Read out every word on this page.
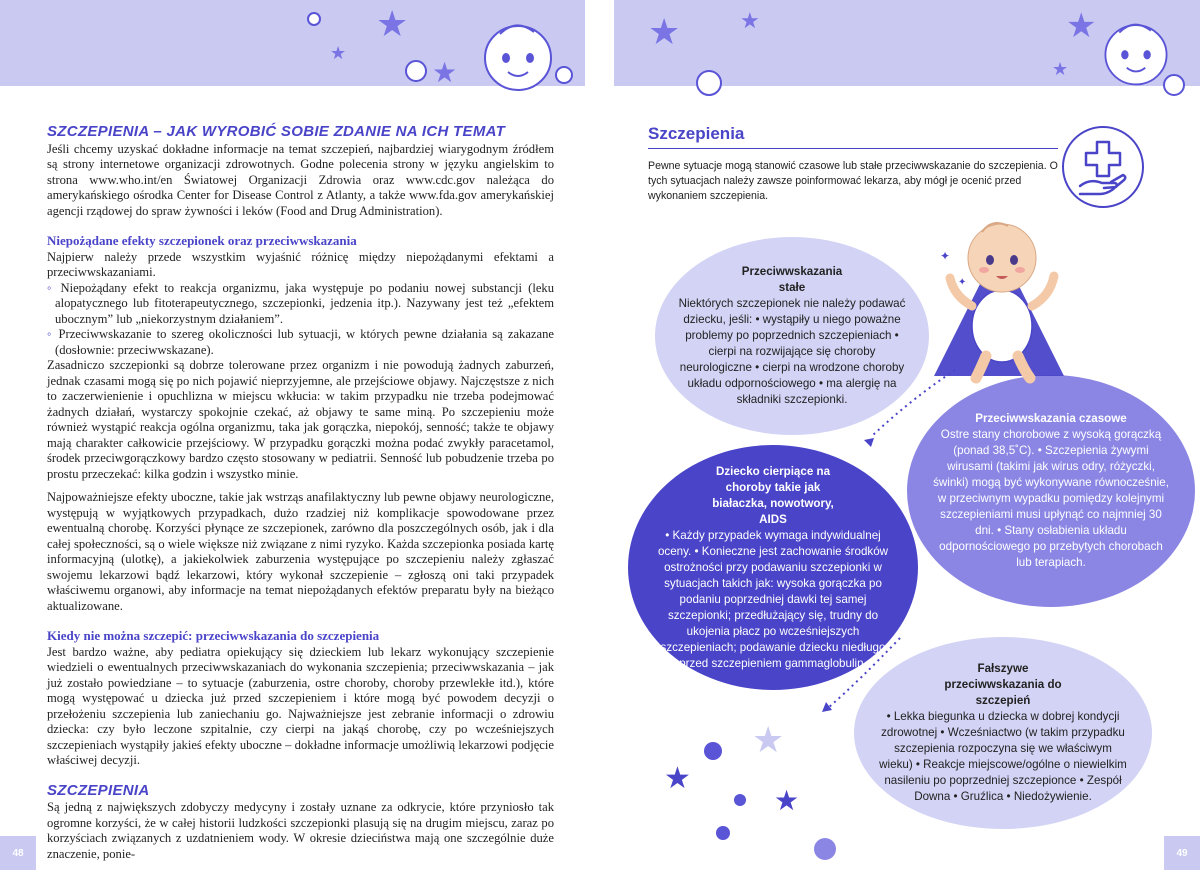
★
★
★
★	★	★
★
SZCZEPIENIA – JAK WYROBIĆ SOBIE ZDANIE NA ICH TEMAT

Jeśli chcemy uzyskać dokładne informacje na temat szczepień, najbardziej wiarygodnym źródłem są strony internetowe organizacji zdrowotnych. Godne polecenia strony w języku angielskim to strona www.who.int/en Światowej Organizacji Zdrowia oraz www.cdc.gov należąca do amerykańskiego ośrodka Center for Disease Control z Atlanty, a także www.fda.gov amerykańskiej agencji rządowej do spraw żywności i leków (Food and Drug Administration).

Niepożądane efekty szczepionek oraz przeciwwskazania

Najpierw należy przede wszystkim wyjaśnić różnicę między niepożądanymi efektami a przeciwwskazaniami.

◦ Niepożądany efekt to reakcja organizmu, jaka występuje po podaniu nowej substancji (leku alopatycznego lub fitoterapeutycznego, szczepionki, jedzenia itp.). Nazywany jest też „efektem ubocznym” lub „niekorzystnym działaniem”.

◦ Przeciwwskazanie to szereg okoliczności lub sytuacji, w których pewne działania są zakazane (dosłownie: przeciwwskazane).

Zasadniczo szczepionki są dobrze tolerowane przez organizm i nie powodują żadnych zaburzeń, jednak czasami mogą się po nich pojawić nieprzyjemne, ale przejściowe objawy. Najczęstsze z nich to zaczerwienienie i opuchlizna w miejscu wkłucia: w takim przypadku nie trzeba podejmować żadnych działań, wystarczy spokojnie czekać, aż objawy te same miną. Po szczepieniu może również wystąpić reakcja ogólna organizmu, taka jak gorączka, niepokój, senność; także te objawy mają charakter całkowicie przejściowy. W przypadku gorączki można podać zwykły paracetamol, środek przeciwgorączkowy bardzo często stosowany w pediatrii. Senność lub pobudzenie trzeba po prostu przeczekać: kilka godzin i wszystko minie.

Najpoważniejsze efekty uboczne, takie jak wstrząs anafilaktyczny lub pewne objawy neurologiczne, występują w wyjątkowych przypadkach, dużo rzadziej niż komplikacje spowodowane przez ewentualną chorobę. Korzyści płynące ze szczepionek, zarówno dla poszczególnych osób, jak i dla całej społeczności, są o wiele większe niż związane z nimi ryzyko. Każda szczepionka posiada kartę informacyjną (ulotkę), a jakiekolwiek zaburzenia występujące po szczepieniu należy zgłaszać swojemu lekarzowi bądź lekarzowi, który wykonał szczepienie – zgłoszą oni taki przypadek właściwemu organowi, aby informacje na temat niepożądanych efektów preparatu były na bieżąco aktualizowane.

Kiedy nie można szczepić: przeciwwskazania do szczepienia

Jest bardzo ważne, aby pediatra opiekujący się dzieckiem lub lekarz wykonujący szczepienie wiedzieli o ewentualnych przeciwwskazaniach do wykonania szczepienia; przeciwwskazania – jak już zostało powiedziane – to sytuacje (zaburzenia, ostre choroby, choroby przewlekłe itd.), które mogą występować u dziecka już przed szczepieniem i które mogą być powodem decyzji o przełożeniu szczepienia lub zaniechaniu go. Najważniejsze jest zebranie informacji o zdrowiu dziecka: czy było leczone szpitalnie, czy cierpi na jakąś chorobę, czy po wcześniejszych szczepieniach wystąpiły jakieś efekty uboczne – dokładne informacje umożliwią lekarzowi podjęcie właściwej decyzji.

SZCZEPIENIA

Są jedną z największych zdobyczy medycyny i zostały uznane za odkrycie, które przyniosło tak ogromne korzyści, że w całej historii ludzkości szczepionki plasują się na drugim miejscu, zaraz po korzyściach związanych z uzdatnieniem wody. W okresie dzieciństwa mają one szczególnie duże znaczenie, ponie-

48
Szczepienia
Pewne sytuacje mogą stanowić czasowe lub stałe przeciwwskazanie do szczepienia. O tych sytuacjach należy zawsze poinformować lekarza, aby mógł je ocenić przed wykonaniem szczepienia.
Przeciwwskazania stałe
Niektórych szczepionek nie należy podawać dziecku, jeśli: • wystąpiły u niego poważne problemy po poprzednich szczepieniach • cierpi na rozwijające się choroby neurologiczne • cierpi na wrodzone choroby układu odpornościowego • ma alergię na składniki szczepionki.
Przeciwwskazania czasowe
Ostre stany chorobowe z wysoką gorączką (ponad 38,5˚C). • Szczepienia żywymi wirusami (takimi jak wirus odry, różyczki, świnki) mogą być wykonywane równocześnie, w przeciwnym wypadku pomiędzy kolejnymi szczepieniami musi upłynąć co najmniej 30 dni. • Stany osłabienia układu odpornościowego po przebytych chorobach lub terapiach.
Dziecko cierpiące na choroby takie jak białaczka, nowotwory, AIDS
• Każdy przypadek wymaga indywidualnej oceny. • Konieczne jest zachowanie środków ostrożności przy podawaniu szczepionki w sytuacjach takich jak: wysoka gorączka po podaniu poprzedniej dawki tej samej szczepionki; przedłużający się, trudny do ukojenia płacz po wcześniejszych szczepieniach; podawanie dziecku niedługo przed szczepieniem gammaglobulin.	Fałszywe przeciwwskazania do szczepień
• Lekka biegunka u dziecka w dobrej kondycji zdrowotnej • Wcześniactwo (w takim przypadku szczepienia rozpoczyna się we właściwym wieku) • Reakcje miejscowe/ogólne o niewielkim nasileniu po poprzedniej szczepionce • Zespół Downa • Gruźlica • Niedożywienie.
✦
✦
★
★
★
49
